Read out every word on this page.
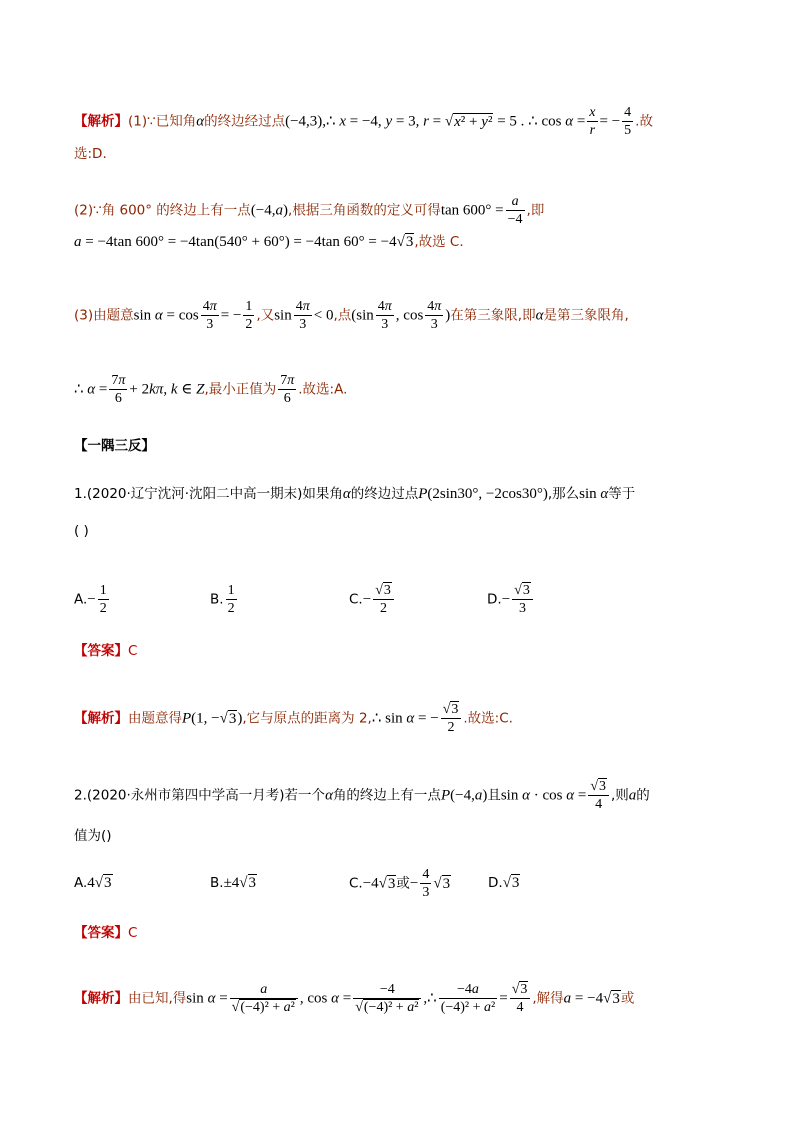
【解析】(1)∵已知角α的终边经过点(−4,3),∴ x = −4, y = 3, r = √x² + y² = 5 . ∴ $\cos \alpha = \frac{x}{r}$ = − $\frac{4}{5}$ .故
选:D.
(2)∵角 600° 的终边上有一点(−4,a),根据三角函数的定义可得$\tan 600^\circ = \frac{a}{-4}$ ,即
a = −4tan 600° = −4tan(540° + 60°) = −4tan 60° = −4√3,故选 C.
(3)由题意$\sin \alpha = \cos \frac{4\pi}{3}$ = − $\frac{1}{2}$ ,又$\sin \frac{4\pi}{3} < 0$,点($\sin \frac{4\pi}{3}$ , $\cos \frac{4\pi}{3}$ )在第三象限,即α是第三象限角,
∴ $\alpha = \frac{7\pi}{6} + 2k\pi$, k ∈ Z,最小正值为 $\frac{7\pi}{6}$ .故选:A.
【一隅三反】
1.(2020·辽宁沈河·沈阳二中高一期末)如果角α的终边过点P(2sin30°, −2cos30°),那么sin α等于
( )
$A.- \frac{1}{2}$	B. $\frac{1}{2}$	$C.- \frac{√3}{2}$	$D.- \frac{√3}{3}$
【答案】C
【解析】由题意得P(1, −√3),它与原点的距离为 2,∴ sin α = − $\frac{√3}{2}$ .故选:C.
2.(2020·永州市第四中学高一月考)若一个α角的终边上有一点P(−4,a)且$\sin \alpha \cdot \cos \alpha = \frac{√3}{4}$ ,则a的
值为()
A.4√3	B.±4√3	C.−4√3或− $\frac{4}{3} √3$	D.√3
【答案】C
【解析】由已知,得$\sin \alpha = \frac{a}{\text{√(−4)² + a²}}$ , $\cos \alpha = \frac{-4}{\text{√(−4)² + a²}}$ ,∴ $\frac{-4a}{\text{(−4)² + a²}} = \frac{√3}{4}$ ,解得a = −4√3或
